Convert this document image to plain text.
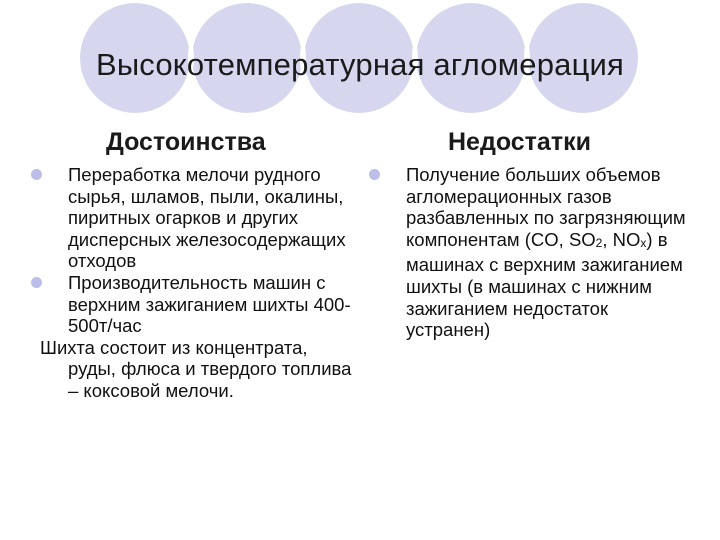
Высокотемпературная агломерация
Достоинства	Недостатки

Переработка мелочи рудного сырья, шламов, пыли, окалины, пиритных огарков и других дисперсных железосодержащих отходов

Производительность машин с верхним зажиганием шихты 400-500т/час

Шихта состоит из концентрата, руды, флюса и твердого топлива – коксовой мелочи.

Получение больших объемов агломерационных газов разбавленных по загрязняющим компонентам (CO, SO2, NOx) в машинах с верхним зажиганием шихты (в машинах с нижним зажиганием недостаток устранен)
